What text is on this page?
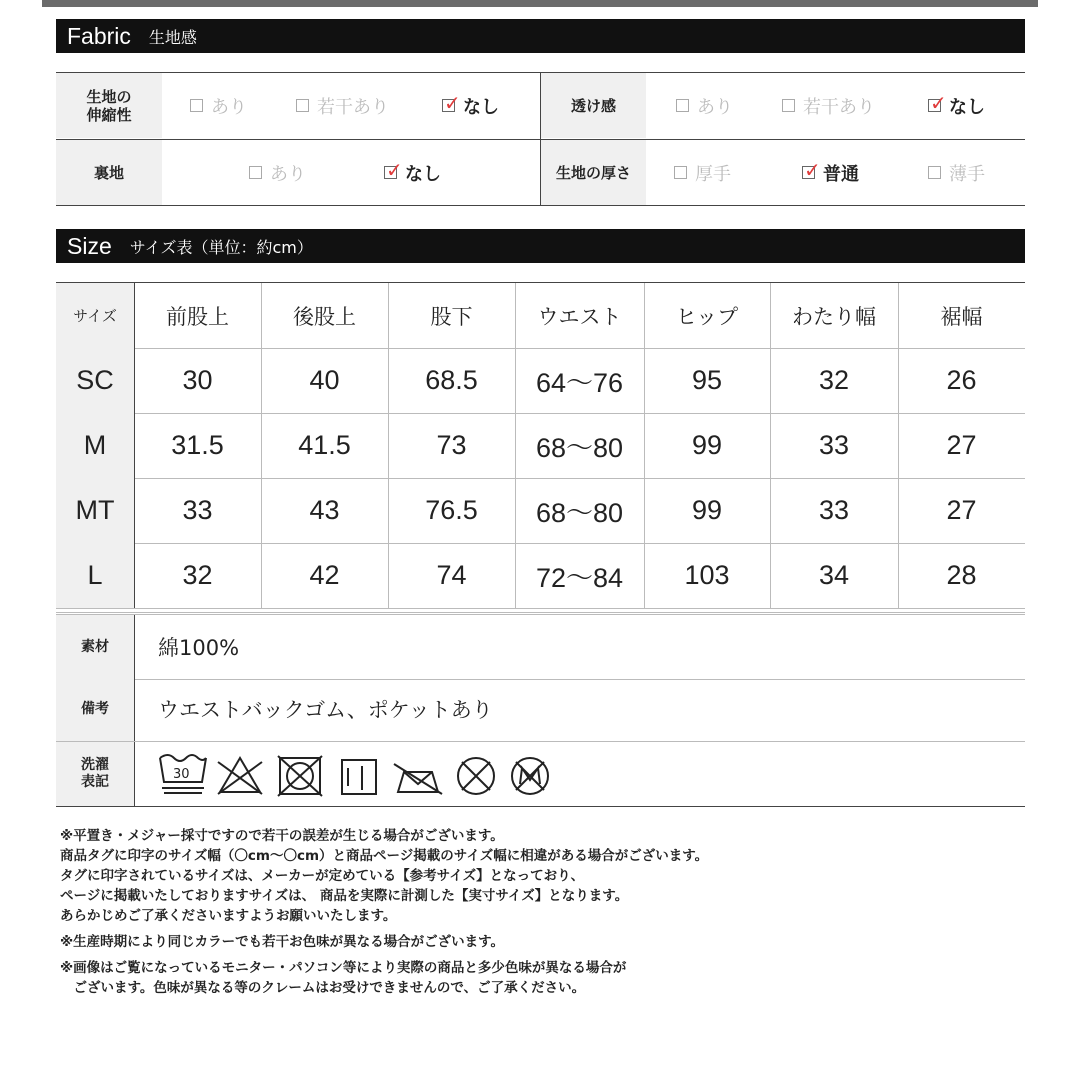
Fabric 生地感
生地の
伸縮性	あり	若干あり	✓ なし	透け感	あり	若干あり	✓ なし
裏地	あり	✓ なし	生地の厚さ	厚手	✓ 普通	薄手
Size サイズ表（単位：約cm）
サイズ	前股上	後股上	股下	ウエスト	ヒップ	わたり幅	裾幅
SC	30	40	68.5	64〜76	95	32	26
M	31.5	41.5	73	68〜80	99	33	27
MT	33	43	76.5	68〜80	99	33	27
L	32	42	74	72〜84	103	34	28
素材	綿100%
備考	ウエストバックゴム、ポケットあり
洗濯
表記	30
※平置き・メジャー採寸ですので若干の誤差が生じる場合がございます。
商品タグに印字のサイズ幅（〇cm〜〇cm）と商品ページ掲載のサイズ幅に相違がある場合がございます。
タグに印字されているサイズは、メーカーが定めている【参考サイズ】となっており、
ページに掲載いたしておりますサイズは、 商品を実際に計測した【実寸サイズ】となります。
あらかじめご了承くださいますようお願いいたします。
※生産時期により同じカラーでも若干お色味が異なる場合がございます。
※画像はご覧になっているモニター・パソコン等により実際の商品と多少色味が異なる場合が
　ございます。色味が異なる等のクレームはお受けできませんので、ご了承ください。
